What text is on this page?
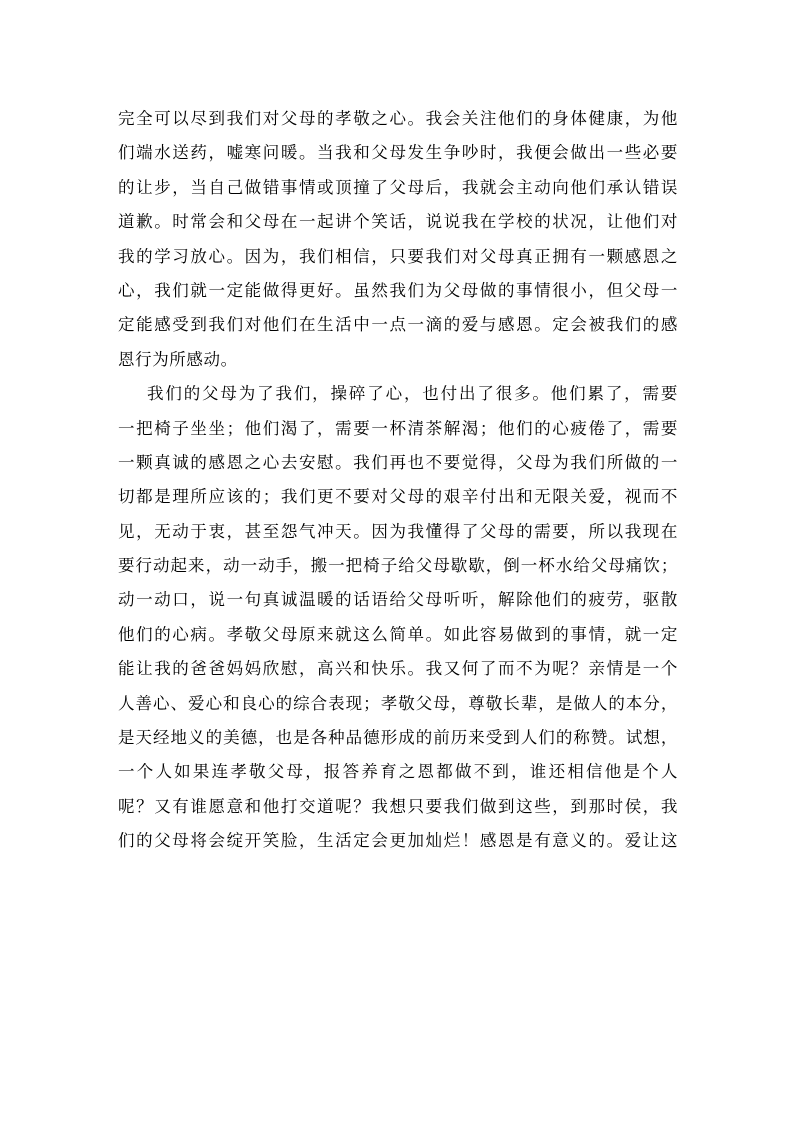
完全可以尽到我们对父母的孝敬之心。我会关注他们的身体健康，为他
们端水送药，嘘寒问暖。当我和父母发生争吵时，我便会做出一些必要
的让步，当自己做错事情或顶撞了父母后，我就会主动向他们承认错误
道歉。时常会和父母在一起讲个笑话，说说我在学校的状况，让他们对
我的学习放心。因为，我们相信，只要我们对父母真正拥有一颗感恩之
心，我们就一定能做得更好。虽然我们为父母做的事情很小，但父母一
定能感受到我们对他们在生活中一点一滴的爱与感恩。定会被我们的感
恩行为所感动。
我们的父母为了我们，操碎了心，也付出了很多。他们累了，需要
一把椅子坐坐；他们渴了，需要一杯清茶解渴；他们的心疲倦了，需要
一颗真诚的感恩之心去安慰。我们再也不要觉得，父母为我们所做的一
切都是理所应该的；我们更不要对父母的艰辛付出和无限关爱，视而不
见，无动于衷，甚至怨气冲天。因为我懂得了父母的需要，所以我现在
要行动起来，动一动手，搬一把椅子给父母歇歇，倒一杯水给父母痛饮；
动一动口，说一句真诚温暖的话语给父母听听，解除他们的疲劳，驱散
他们的心病。孝敬父母原来就这么简单。如此容易做到的事情，就一定
能让我的爸爸妈妈欣慰，高兴和快乐。我又何了而不为呢？亲情是一个
人善心、爱心和良心的综合表现；孝敬父母，尊敬长辈，是做人的本分，
是天经地义的美德，也是各种品德形成的前历来受到人们的称赞。试想，
一个人如果连孝敬父母，报答养育之恩都做不到，谁还相信他是个人
呢？又有谁愿意和他打交道呢？我想只要我们做到这些，到那时侯，我
们的父母将会绽开笑脸，生活定会更加灿烂！感恩是有意义的。爱让这
